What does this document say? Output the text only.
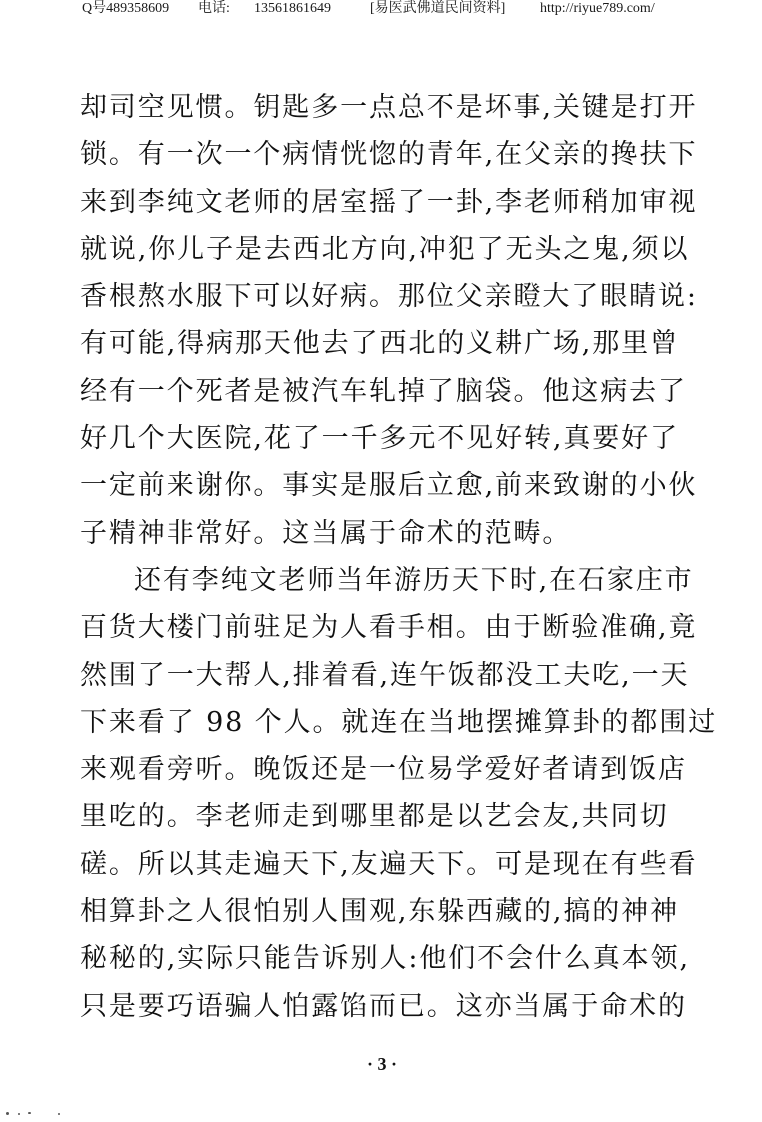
Q号489358609	电话:	13561861649	[易医武佛道民间资料]	http://riyue789.com/
却司空见惯。钥匙多一点总不是坏事,关键是打开
锁。有一次一个病情恍惚的青年,在父亲的搀扶下
来到李纯文老师的居室摇了一卦,李老师稍加审视
就说,你儿子是去西北方向,冲犯了无头之鬼,须以
香根熬水服下可以好病。那位父亲瞪大了眼睛说:
有可能,得病那天他去了西北的义耕广场,那里曾
经有一个死者是被汽车轧掉了脑袋。他这病去了
好几个大医院,花了一千多元不见好转,真要好了
一定前来谢你。事实是服后立愈,前来致谢的小伙
子精神非常好。这当属于命术的范畴。
还有李纯文老师当年游历天下时,在石家庄市
百货大楼门前驻足为人看手相。由于断验准确,竟
然围了一大帮人,排着看,连午饭都没工夫吃,一天
下来看了 98 个人。就连在当地摆摊算卦的都围过
来观看旁听。晚饭还是一位易学爱好者请到饭店
里吃的。李老师走到哪里都是以艺会友,共同切
磋。所以其走遍天下,友遍天下。可是现在有些看
相算卦之人很怕别人围观,东躲西藏的,搞的神神
秘秘的,实际只能告诉别人:他们不会什么真本领,
只是要巧语骗人怕露馅而已。这亦当属于命术的
· 3 ·
